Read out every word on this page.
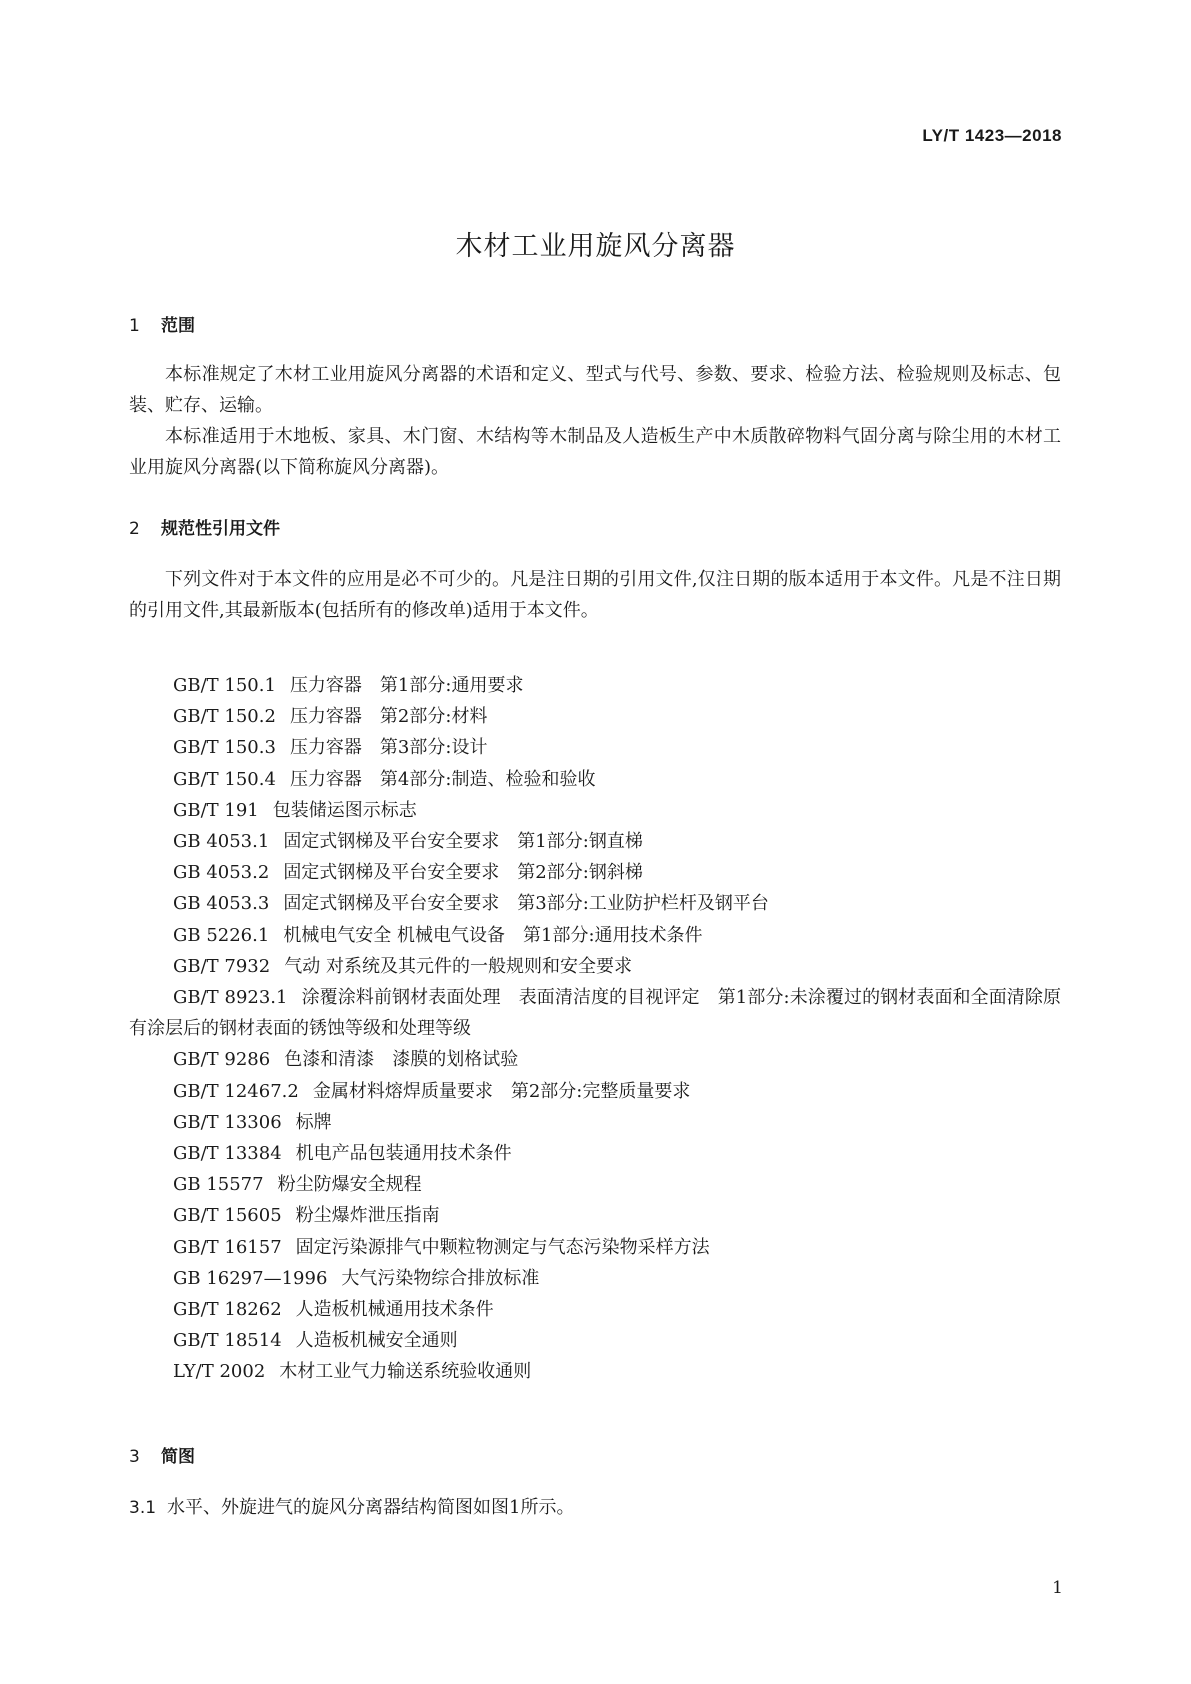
LY/T 1423—2018
木材工业用旋风分离器
1 范围

本标准规定了木材工业用旋风分离器的术语和定义、型式与代号、参数、要求、检验方法、检验规则及标志、包装、贮存、运输。

本标准适用于木地板、家具、木门窗、木结构等木制品及人造板生产中木质散碎物料气固分离与除尘用的木材工业用旋风分离器(以下简称旋风分离器)。

2 规范性引用文件

下列文件对于本文件的应用是必不可少的。凡是注日期的引用文件,仅注日期的版本适用于本文件。凡是不注日期的引用文件,其最新版本(包括所有的修改单)适用于本文件。

GB/T 150.1 压力容器　第1部分:通用要求
GB/T 150.2 压力容器　第2部分:材料
GB/T 150.3 压力容器　第3部分:设计
GB/T 150.4 压力容器　第4部分:制造、检验和验收
GB/T 191 包装储运图示标志
GB 4053.1 固定式钢梯及平台安全要求　第1部分:钢直梯
GB 4053.2 固定式钢梯及平台安全要求　第2部分:钢斜梯
GB 4053.3 固定式钢梯及平台安全要求　第3部分:工业防护栏杆及钢平台
GB 5226.1 机械电气安全 机械电气设备　第1部分:通用技术条件
GB/T 7932 气动 对系统及其元件的一般规则和安全要求
GB/T 8923.1 涂覆涂料前钢材表面处理　表面清洁度的目视评定　第1部分:未涂覆过的钢材表面和全面清除原有涂层后的钢材表面的锈蚀等级和处理等级
GB/T 9286 色漆和清漆　漆膜的划格试验
GB/T 12467.2 金属材料熔焊质量要求　第2部分:完整质量要求
GB/T 13306 标牌
GB/T 13384 机电产品包装通用技术条件
GB 15577 粉尘防爆安全规程
GB/T 15605 粉尘爆炸泄压指南
GB/T 16157 固定污染源排气中颗粒物测定与气态污染物采样方法
GB 16297—1996 大气污染物综合排放标准
GB/T 18262 人造板机械通用技术条件
GB/T 18514 人造板机械安全通则
LY/T 2002 木材工业气力输送系统验收通则
3 简图
3.1 水平、外旋进气的旋风分离器结构简图如图1所示。
1
